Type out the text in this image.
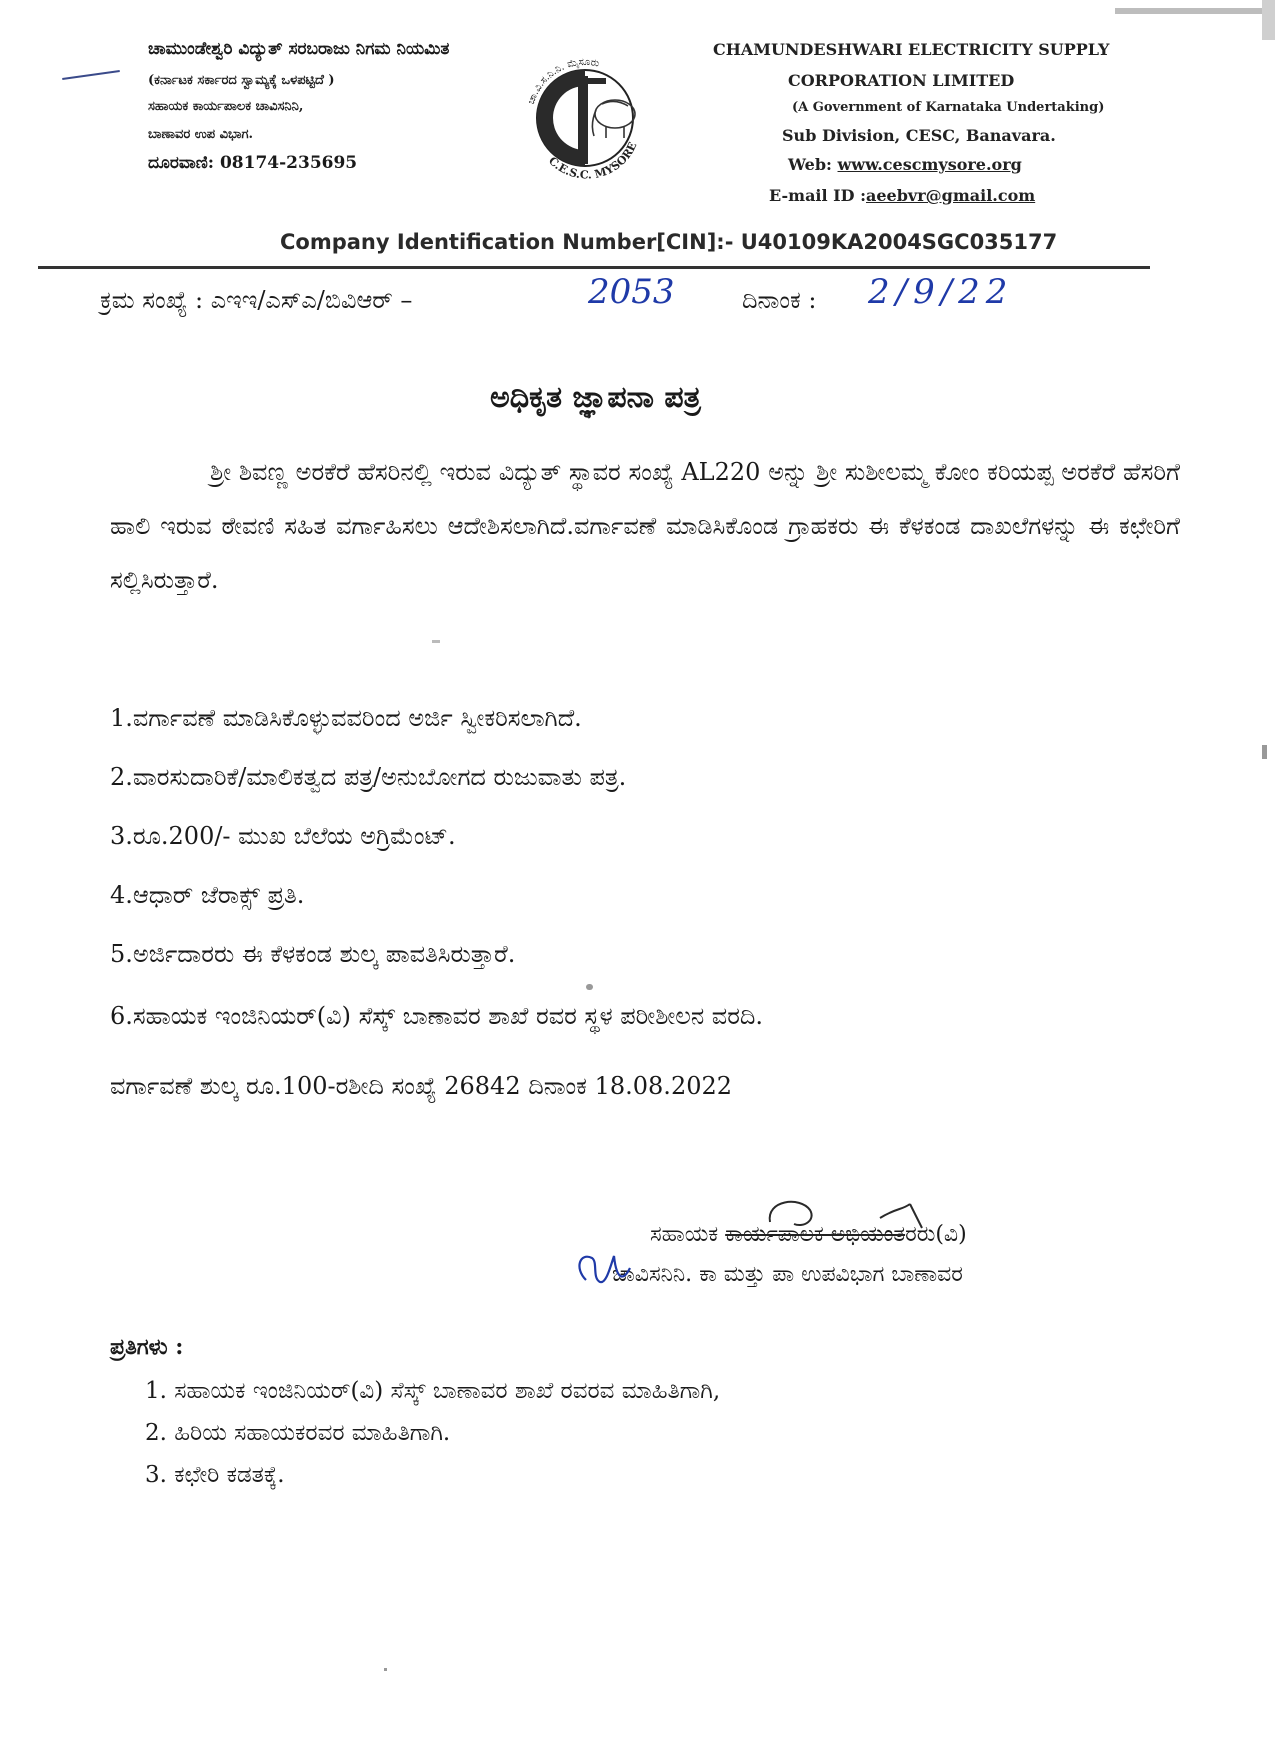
ಚಾಮುಂಡೇಶ್ವರಿ ವಿದ್ಯುತ್ ಸರಬರಾಜು ನಿಗಮ ನಿಯಮಿತ
(ಕರ್ನಾಟಕ ಸರ್ಕಾರದ ಸ್ವಾಮ್ಯಕ್ಕೆ ಒಳಪಟ್ಟಿದೆ )
ಸಹಾಯಕ ಕಾರ್ಯಪಾಲಕ ಚಾವಿಸನಿನಿ,
ಬಾಣಾವರ ಉಪ ವಿಭಾಗ.
ದೂರವಾಣಿ: 08174-235695
ಚಾ.ವಿ.ಸ.ನಿ.ನಿ. ಮೈಸೂರು
C.E.S.C. MYSORE
CHAMUNDESHWARI ELECTRICITY SUPPLY
CORPORATION LIMITED
(A Government of Karnataka Undertaking)
Sub Division, CESC, Banavara.
Web: www.cescmysore.org
E-mail ID :aeebvr@gmail.com
Company Identification Number[CIN]:- U40109KA2004SGC035177
ಕ್ರಮ ಸಂಖ್ಯೆ : ಎಇಇ/ಎಸ್ಎ/ಬಿವಿಆರ್ –	2053	ದಿನಾಂಕ : 2/9/22
ಅಧಿಕೃತ ಜ್ಞಾಪನಾ ಪತ್ರ
ಶ್ರೀ ಶಿವಣ್ಣ ಅರಕೆರೆ ಹೆಸರಿನಲ್ಲಿ ಇರುವ ವಿದ್ಯುತ್ ಸ್ಥಾವರ ಸಂಖ್ಯೆ AL220 ಅನ್ನು ಶ್ರೀ ಸುಶೀಲಮ್ಮ ಕೋಂ ಕರಿಯಪ್ಪ ಅರಕೆರೆ ಹೆಸರಿಗೆ ಹಾಲಿ ಇರುವ ಠೇವಣಿ ಸಹಿತ ವರ್ಗಾಹಿಸಲು ಆದೇಶಿಸಲಾಗಿದೆ.ವರ್ಗಾವಣೆ ಮಾಡಿಸಿಕೊಂಡ ಗ್ರಾಹಕರು ಈ ಕೆಳಕಂಡ ದಾಖಲೆಗಳನ್ನು ಈ ಕಛೇರಿಗೆ ಸಲ್ಲಿಸಿರುತ್ತಾರೆ.
1.ವರ್ಗಾವಣೆ ಮಾಡಿಸಿಕೊಳ್ಳುವವರಿಂದ ಅರ್ಜಿ ಸ್ವೀಕರಿಸಲಾಗಿದೆ.
2.ವಾರಸುದಾರಿಕೆ/ಮಾಲಿಕತ್ವದ ಪತ್ರ/ಅನುಬೋಗದ ರುಜುವಾತು ಪತ್ರ.
3.ರೂ.200/- ಮುಖ ಬೆಲೆಯ ಅಗ್ರಿಮೆಂಟ್.
4.ಆಧಾರ್ ಜೆರಾಕ್ಸ್ ಪ್ರತಿ.
5.ಅರ್ಜಿದಾರರು ಈ ಕೆಳಕಂಡ ಶುಲ್ಕ ಪಾವತಿಸಿರುತ್ತಾರೆ.
6.ಸಹಾಯಕ ಇಂಜಿನಿಯರ್(ವಿ) ಸೆಸ್ಕ್ ಬಾಣಾವರ ಶಾಖೆ ರವರ ಸ್ಥಳ ಪರೀಶೀಲನ ವರದಿ.
ವರ್ಗಾವಣೆ ಶುಲ್ಕ ರೂ.100-ರಶೀದಿ ಸಂಖ್ಯೆ 26842 ದಿನಾಂಕ 18.08.2022
ಸಹಾಯಕ ಕಾರ್ಯಪಾಲಕ ಅಭಿಯಂತರರು(ವಿ)
ಚಾವಿಸನಿನಿ. ಕಾ ಮತ್ತು ಪಾ ಉಪವಿಭಾಗ ಬಾಣಾವರ
ಪ್ರತಿಗಳು :
1. ಸಹಾಯಕ ಇಂಜಿನಿಯರ್(ವಿ) ಸೆಸ್ಕ್ ಬಾಣಾವರ ಶಾಖೆ ರವರವ ಮಾಹಿತಿಗಾಗಿ,
2. ಹಿರಿಯ ಸಹಾಯಕರವರ ಮಾಹಿತಿಗಾಗಿ.
3. ಕಛೇರಿ ಕಡತಕ್ಕೆ.
